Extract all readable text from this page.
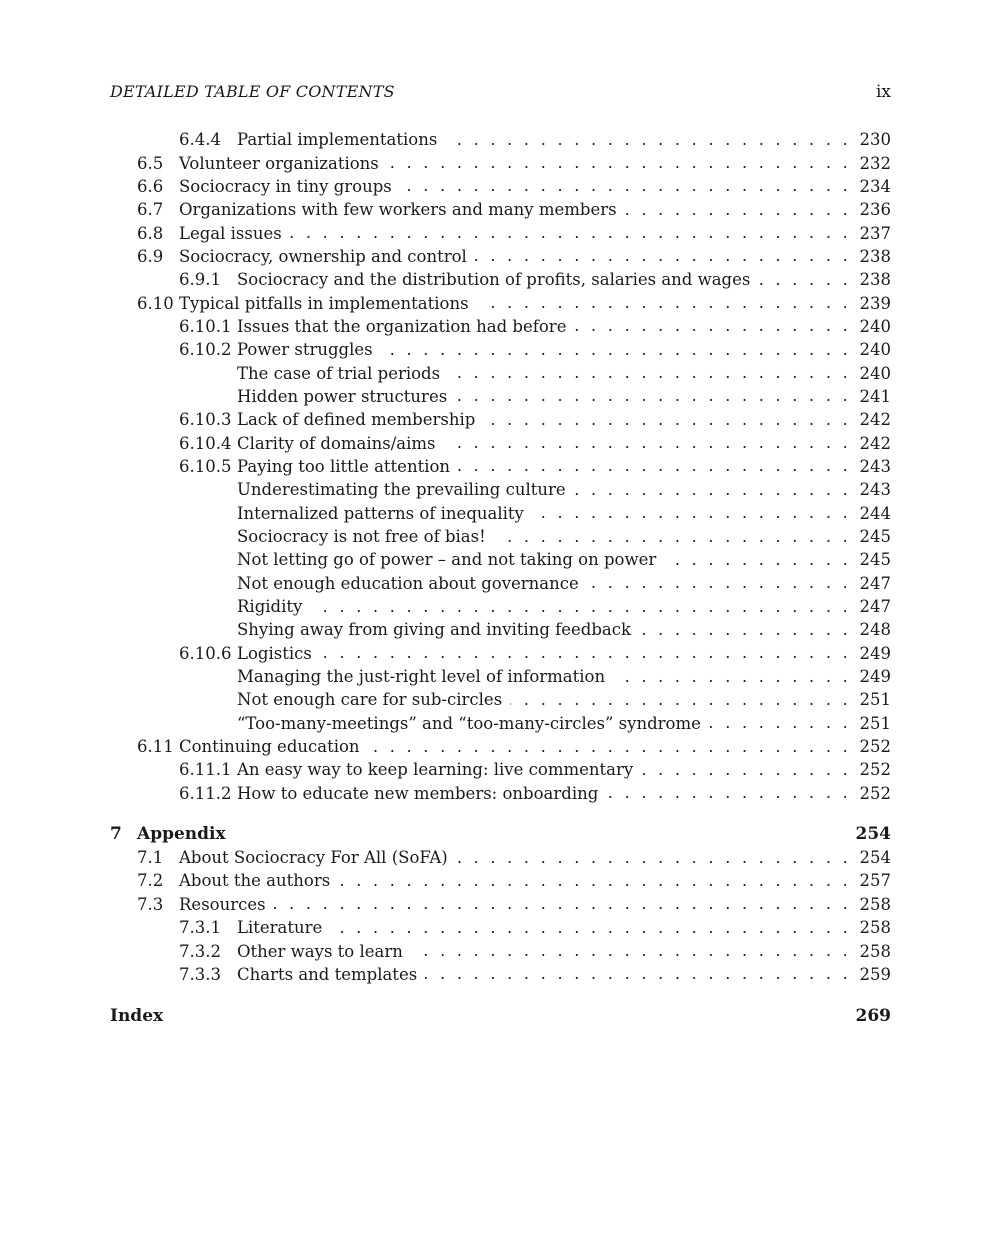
DETAILED TABLE OF CONTENTS	ix
6.4.4 Partial implementations . . .	230
6.5 Volunteer organizations . . .	232
6.6 Sociocracy in tiny groups . . .	234
6.7 Organizations with few workers and many members . . .	236
6.8 Legal issues . . .	237
6.9 Sociocracy, ownership and control . . .	238
6.9.1 Sociocracy and the distribution of profits, salaries and wages . . .	238
6.10 Typical pitfalls in implementations . . .	239
6.10.1 Issues that the organization had before . . .	240
6.10.2 Power struggles . . .	240
The case of trial periods . . .	240
Hidden power structures . . .	241
6.10.3 Lack of defined membership . . .	242
6.10.4 Clarity of domains/aims . . .	242
6.10.5 Paying too little attention . . .	243
Underestimating the prevailing culture . . .	243
Internalized patterns of inequality . . .	244
Sociocracy is not free of bias! . . .	245
Not letting go of power – and not taking on power . . .	245
Not enough education about governance . . .	247
Rigidity . . .	247
Shying away from giving and inviting feedback . . .	248
6.10.6 Logistics . . .	249
Managing the just-right level of information . . .	249
Not enough care for sub-circles . . .	251
“Too-many-meetings” and “too-many-circles” syndrome . . .	251
6.11 Continuing education . . .	252
6.11.1 An easy way to keep learning: live commentary . . .	252
6.11.2 How to educate new members: onboarding . . .	252
7 Appendix	254
7.1 About Sociocracy For All (SoFA) . . .	254
7.2 About the authors . . .	257
7.3 Resources . . .	258
7.3.1 Literature . . .	258
7.3.2 Other ways to learn . . .	258
7.3.3 Charts and templates . . .	259
Index	269
